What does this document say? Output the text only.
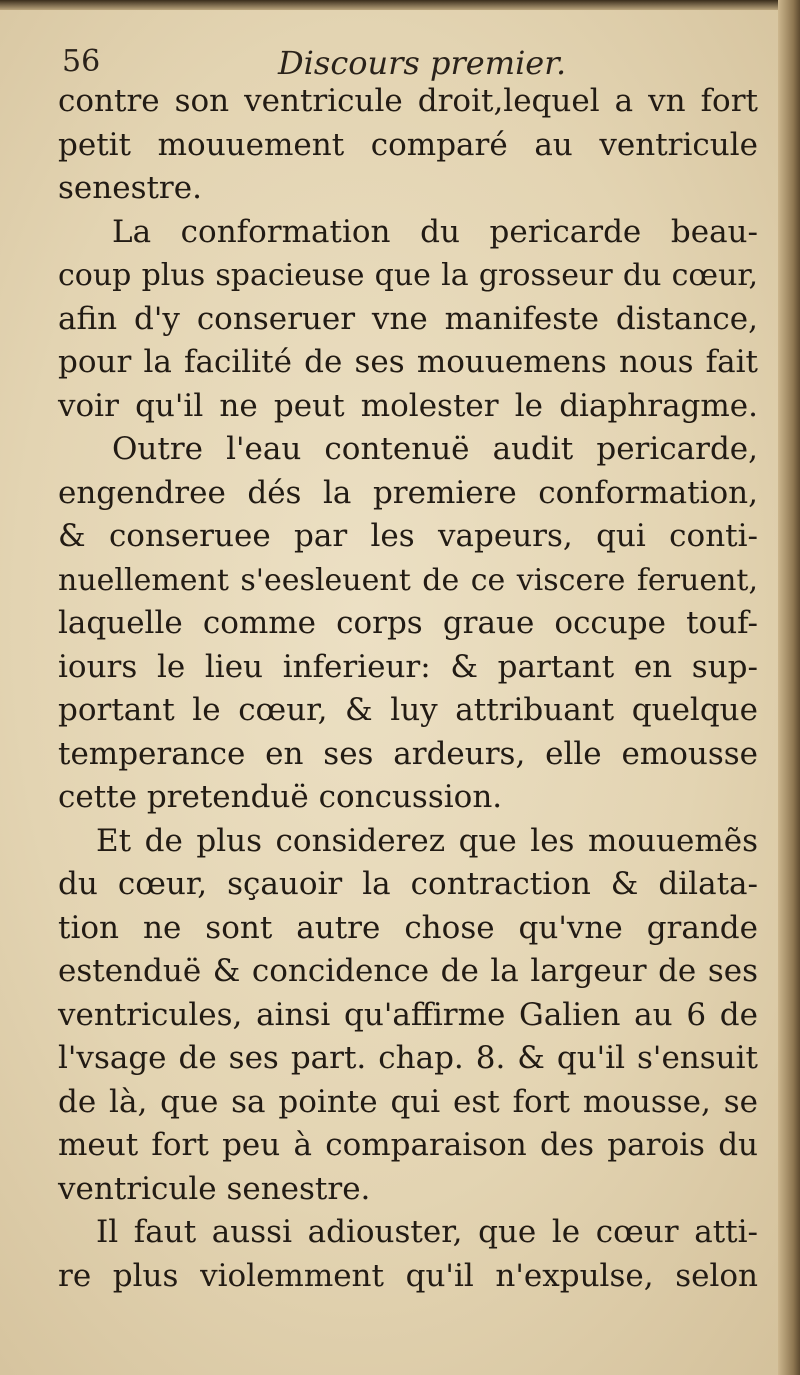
56	Discours premier.
contre son ventricule droit,lequel a vn fort
petit mouuement comparé au ventricule
senestre.
La conformation du pericarde beau-
coup plus spacieuse que la grosseur du cœur,
afin d'y conseruer vne manifeste distance,
pour la facilité de ses mouuemens nous fait
voir qu'il ne peut molester le diaphragme.
Outre l'eau contenuë audit pericarde,
engendree dés la premiere conformation,
& conseruee par les vapeurs, qui conti-
nuellement s'eesleuent de ce viscere feruent,
laquelle comme corps graue occupe touf-
iours le lieu inferieur: & partant en sup-
portant le cœur, & luy attribuant quelque
temperance en ses ardeurs, elle emousse
cette pretenduë concussion.
Et de plus considerez que les mouuemẽs
du cœur, sçauoir la contraction & dilata-
tion ne sont autre chose qu'vne grande
estenduë & concidence de la largeur de ses
ventricules, ainsi qu'affirme Galien au 6 de
l'vsage de ses part. chap. 8. & qu'il s'ensuit
de là, que sa pointe qui est fort mousse, se
meut fort peu à comparaison des parois du
ventricule senestre.
Il faut aussi adiouster, que le cœur atti-
re plus violemment qu'il n'expulse, selon
